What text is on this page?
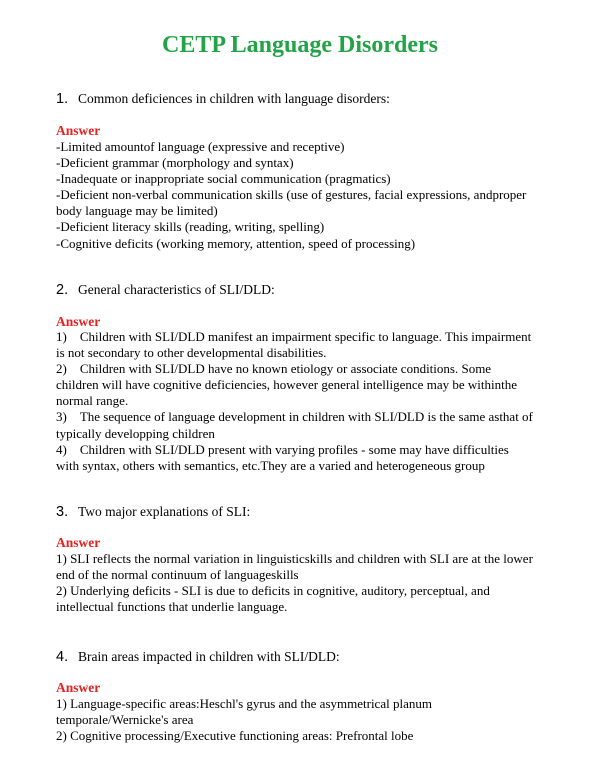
CETP Language Disorders
1. Common deficiences in children with language disorders:
Answer
-Limited amountof language (expressive and receptive)
-Deficient grammar (morphology and syntax)
-Inadequate or inappropriate social communication (pragmatics)
-Deficient non-verbal communication skills (use of gestures, facial expressions, andproper
body language may be limited)
-Deficient literacy skills (reading, writing, spelling)
-Cognitive deficits (working memory, attention, speed of processing)
2. General characteristics of SLI/DLD:
Answer
1)    Children with SLI/DLD manifest an impairment specific to language. This impairment
is not secondary to other developmental disabilities.
2)    Children with SLI/DLD have no known etiology or associate conditions. Some
children will have cognitive deficiencies, however general intelligence may be withinthe
normal range.
3)    The sequence of language development in children with SLI/DLD is the same asthat of
typically developping children
4)    Children with SLI/DLD present with varying profiles - some may have difficulties
with syntax, others with semantics, etc.They are a varied and heterogeneous group
3. Two major explanations of SLI:
Answer
1) SLI reflects the normal variation in linguisticskills and children with SLI are at the lower
end of the normal continuum of languageskills
2) Underlying deficits - SLI is due to deficits in cognitive, auditory, perceptual, and
intellectual functions that underlie language.
4. Brain areas impacted in children with SLI/DLD:
Answer
1) Language-specific areas:Heschl's gyrus and the asymmetrical planum
temporale/Wernicke's area
2) Cognitive processing/Executive functioning areas: Prefrontal lobe
